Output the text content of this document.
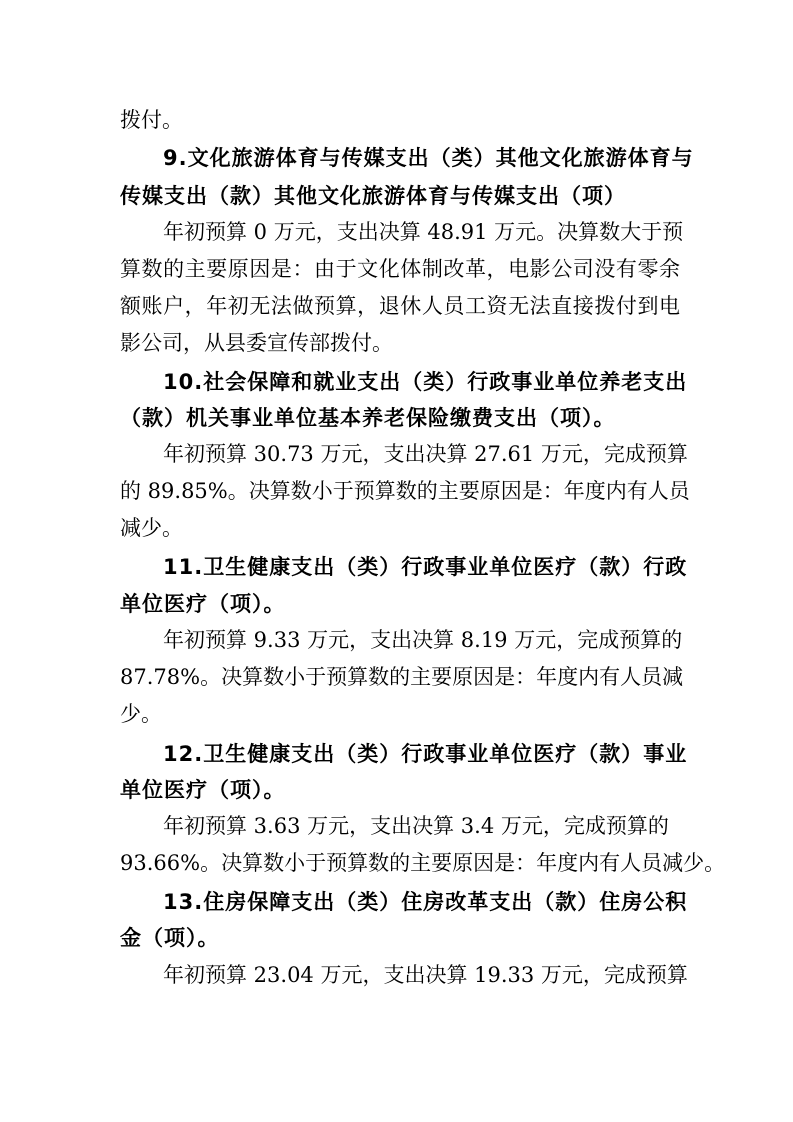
拨付。
9.文化旅游体育与传媒支出（类）其他文化旅游体育与
传媒支出（款）其他文化旅游体育与传媒支出（项）
年初预算 0 万元，支出决算 48.91 万元。决算数大于预
算数的主要原因是：由于文化体制改革，电影公司没有零余
额账户，年初无法做预算，退休人员工资无法直接拨付到电
影公司，从县委宣传部拨付。
10.社会保障和就业支出（类）行政事业单位养老支出
（款）机关事业单位基本养老保险缴费支出（项）。
年初预算 30.73 万元，支出决算 27.61 万元，完成预算
的 89.85%。决算数小于预算数的主要原因是：年度内有人员
减少。
11.卫生健康支出（类）行政事业单位医疗（款）行政
单位医疗（项）。
年初预算 9.33 万元，支出决算 8.19 万元，完成预算的
87.78%。决算数小于预算数的主要原因是：年度内有人员减
少。
12.卫生健康支出（类）行政事业单位医疗（款）事业
单位医疗（项）。
年初预算 3.63 万元，支出决算 3.4 万元，完成预算的
93.66%。决算数小于预算数的主要原因是：年度内有人员减少。
13.住房保障支出（类）住房改革支出（款）住房公积
金（项）。
年初预算 23.04 万元，支出决算 19.33 万元，完成预算
